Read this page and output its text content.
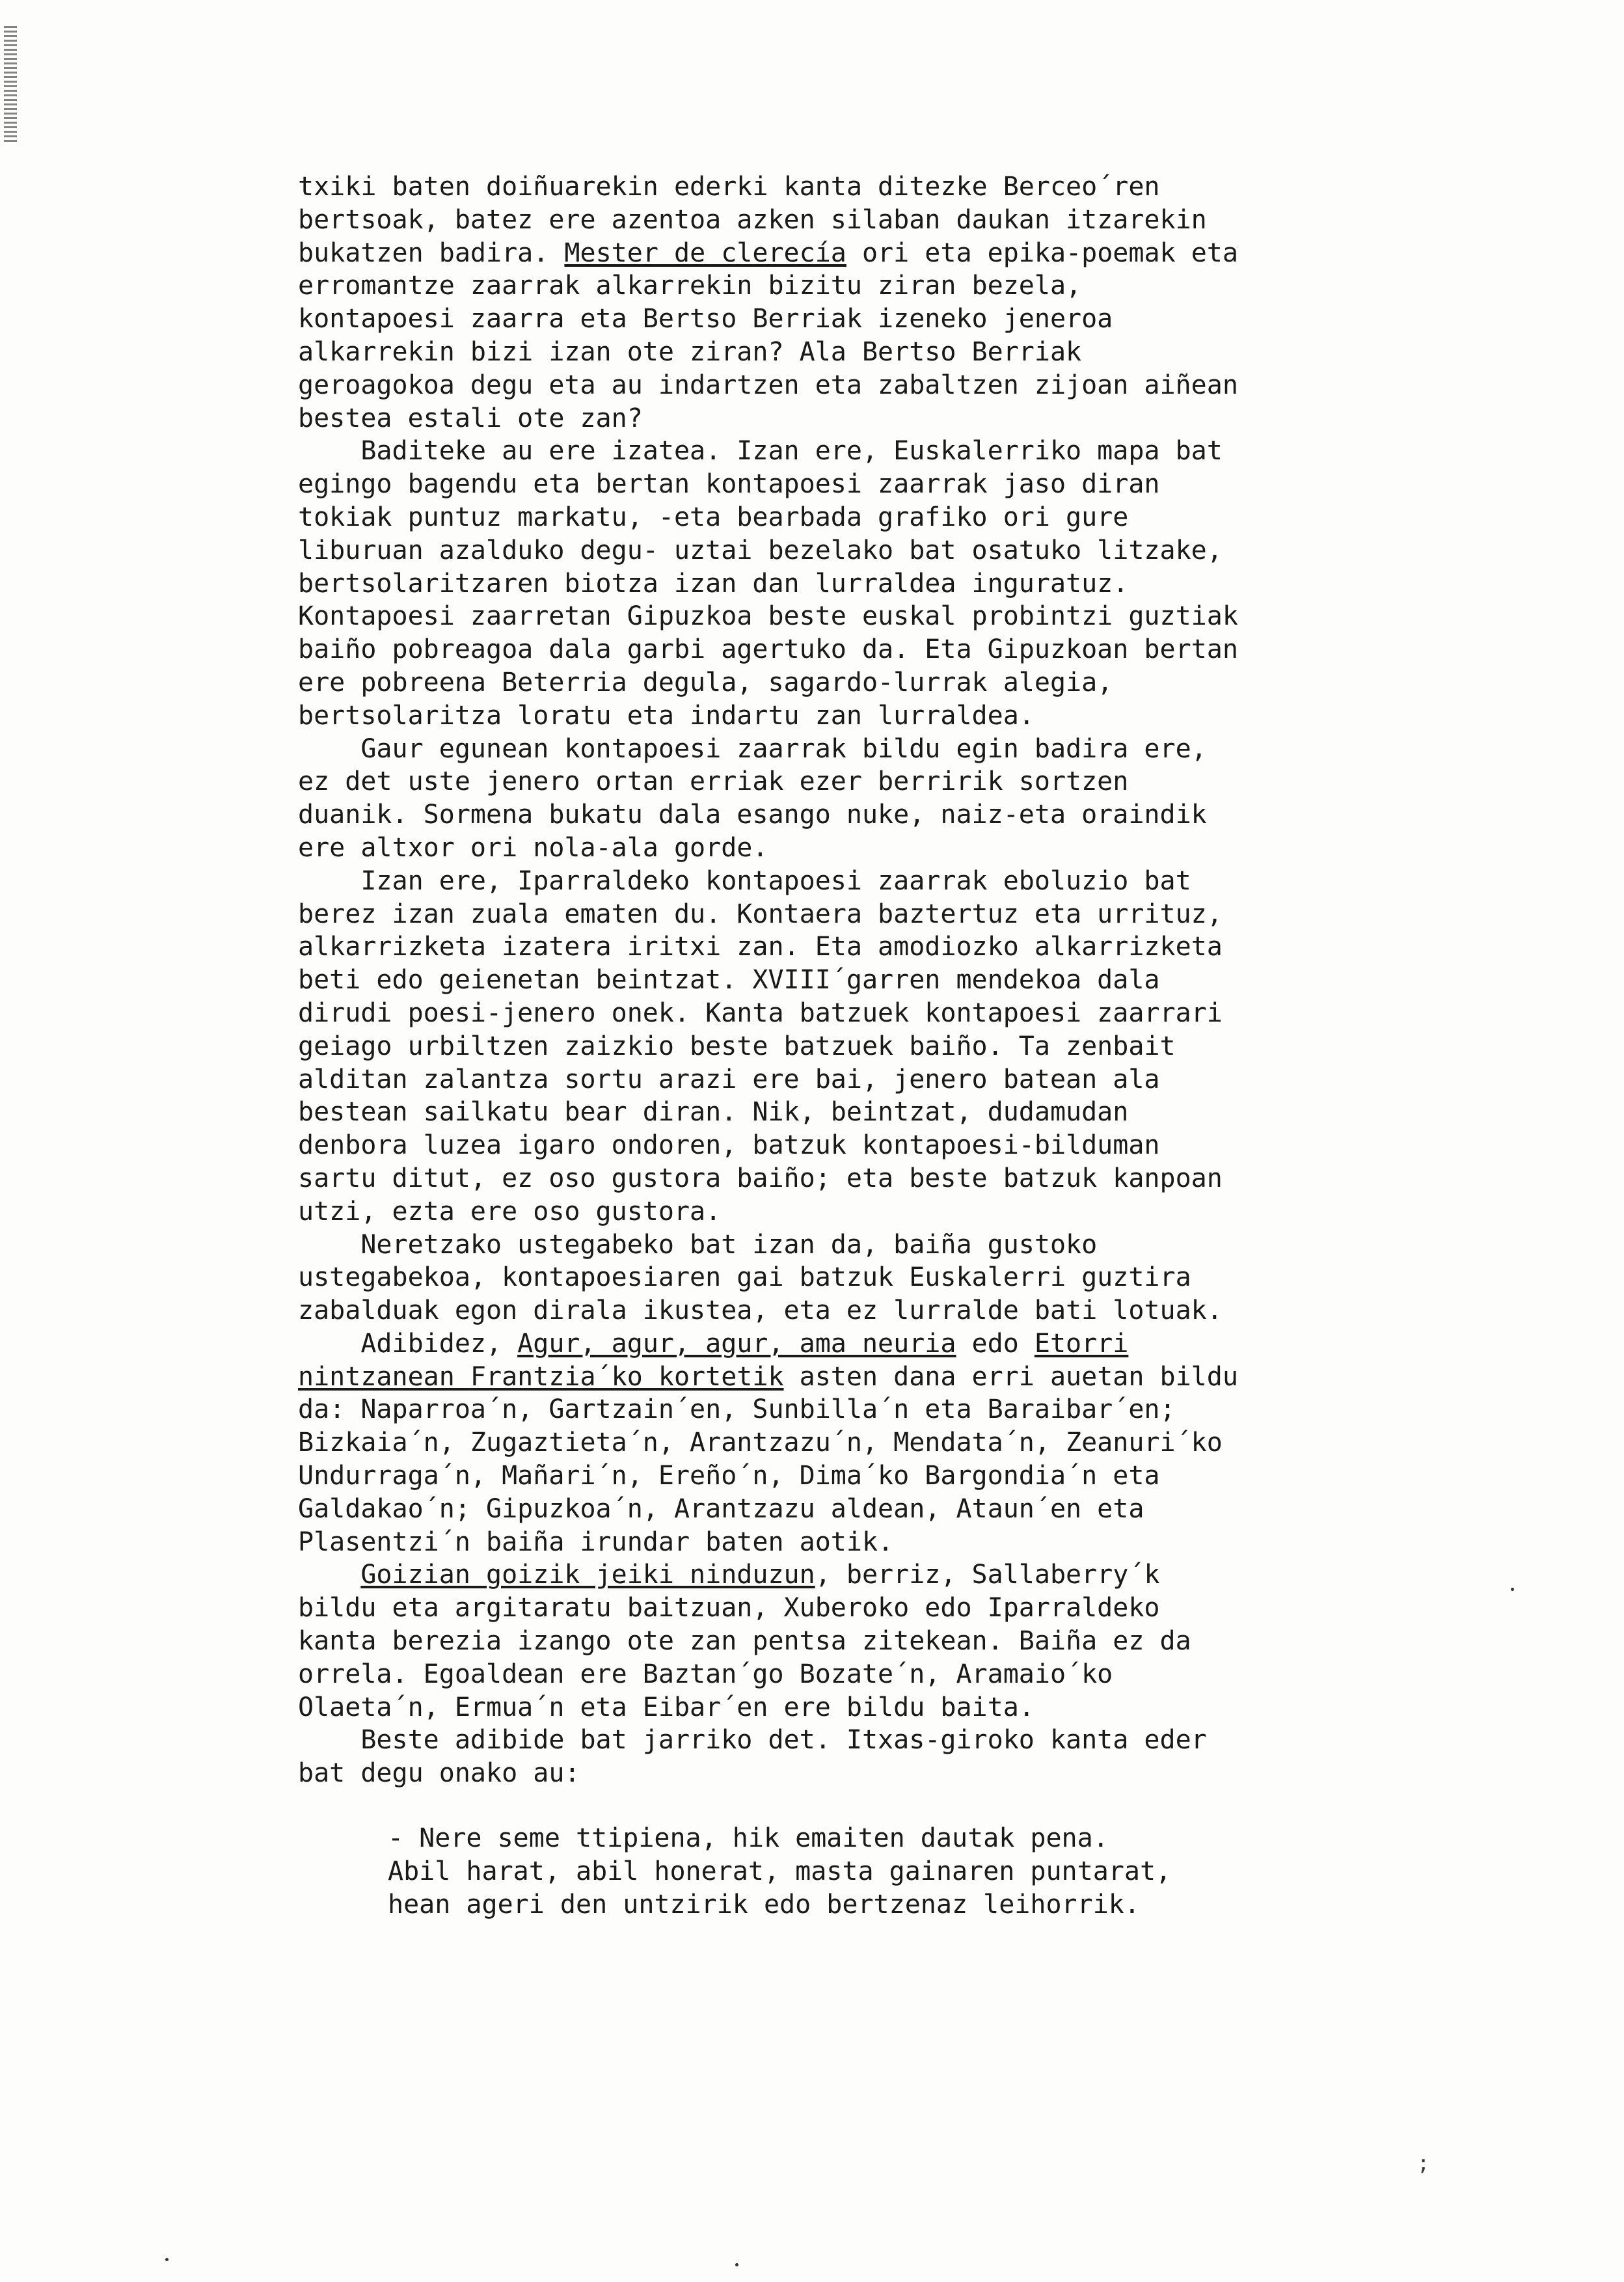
txiki baten doiñuarekin ederki kanta ditezke Berceo´ren
bertsoak, batez ere azentoa azken silaban daukan itzarekin
bukatzen badira. Mester de clerecía ori eta epika-poemak eta
erromantze zaarrak alkarrekin bizitu ziran bezela,
kontapoesi zaarra eta Bertso Berriak izeneko jeneroa
alkarrekin bizi izan ote ziran? Ala Bertso Berriak
geroagokoa degu eta au indartzen eta zabaltzen zijoan aiñean
bestea estali ote zan?
Baditeke au ere izatea. Izan ere, Euskalerriko mapa bat
egingo bagendu eta bertan kontapoesi zaarrak jaso diran
tokiak puntuz markatu, -eta bearbada grafiko ori gure
liburuan azalduko degu- uztai bezelako bat osatuko litzake,
bertsolaritzaren biotza izan dan lurraldea inguratuz.
Kontapoesi zaarretan Gipuzkoa beste euskal probintzi guztiak
baiño pobreagoa dala garbi agertuko da. Eta Gipuzkoan bertan
ere pobreena Beterria degula, sagardo-lurrak alegia,
bertsolaritza loratu eta indartu zan lurraldea.
Gaur egunean kontapoesi zaarrak bildu egin badira ere,
ez det uste jenero ortan erriak ezer berririk sortzen
duanik. Sormena bukatu dala esango nuke, naiz-eta oraindik
ere altxor ori nola-ala gorde.
Izan ere, Iparraldeko kontapoesi zaarrak eboluzio bat
berez izan zuala ematen du. Kontaera baztertuz eta urrituz,
alkarrizketa izatera iritxi zan. Eta amodiozko alkarrizketa
beti edo geienetan beintzat. XVIII´garren mendekoa dala
dirudi poesi-jenero onek. Kanta batzuek kontapoesi zaarrari
geiago urbiltzen zaizkio beste batzuek baiño. Ta zenbait
alditan zalantza sortu arazi ere bai, jenero batean ala
bestean sailkatu bear diran. Nik, beintzat, dudamudan
denbora luzea igaro ondoren, batzuk kontapoesi-bilduman
sartu ditut, ez oso gustora baiño; eta beste batzuk kanpoan
utzi, ezta ere oso gustora.
Neretzako ustegabeko bat izan da, baiña gustoko
ustegabekoa, kontapoesiaren gai batzuk Euskalerri guztira
zabalduak egon dirala ikustea, eta ez lurralde bati lotuak.
Adibidez, Agur, agur, agur, ama neuria edo Etorri
nintzanean Frantzia´ko kortetik asten dana erri auetan bildu
da: Naparroa´n, Gartzain´en, Sunbilla´n eta Baraibar´en;
Bizkaia´n, Zugaztieta´n, Arantzazu´n, Mendata´n, Zeanuri´ko
Undurraga´n, Mañari´n, Ereño´n, Dima´ko Bargondia´n eta
Galdakao´n; Gipuzkoa´n, Arantzazu aldean, Ataun´en eta
Plasentzi´n baiña irundar baten aotik.
Goizian goizik jeiki ninduzun, berriz, Sallaberry´k
bildu eta argitaratu baitzuan, Xuberoko edo Iparraldeko
kanta berezia izango ote zan pentsa zitekean. Baiña ez da
orrela. Egoaldean ere Baztan´go Bozate´n, Aramaio´ko
Olaeta´n, Ermua´n eta Eibar´en ere bildu baita.
Beste adibide bat jarriko det. Itxas-giroko kanta eder
bat degu onako au:
- Nere seme ttipiena, hik emaiten dautak pena.
Abil harat, abil honerat, masta gainaren puntarat,
hean ageri den untzirik edo bertzenaz leihorrik.
;
